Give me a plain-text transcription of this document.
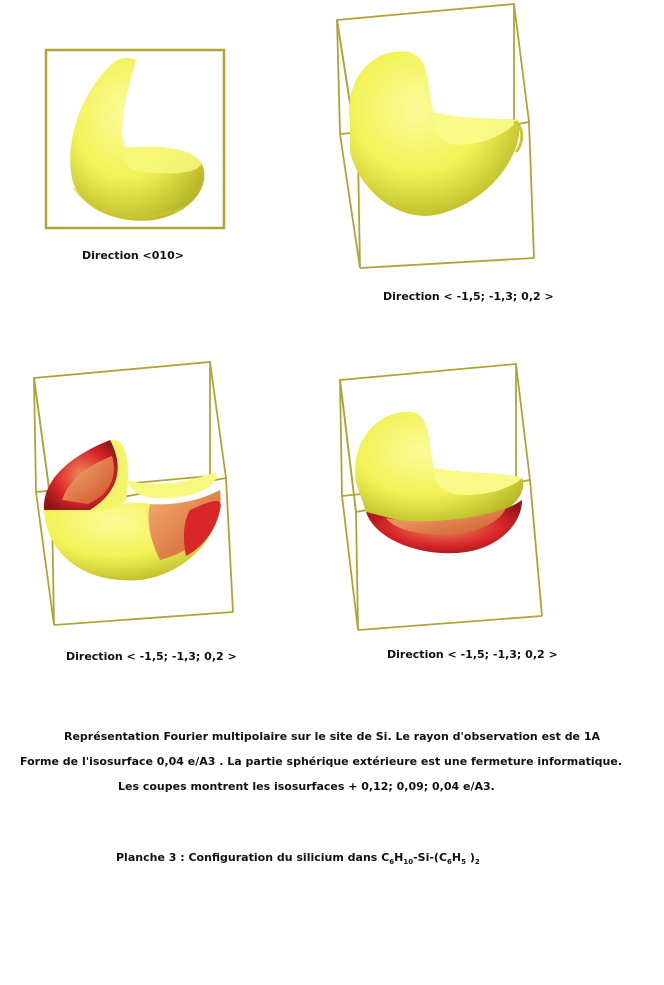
Direction <010>
Direction < -1,5; -1,3; 0,2 >
Direction < -1,5; -1,3; 0,2 >	Direction < -1,5; -1,3; 0,2 >
Représentation Fourier multipolaire sur le site de Si. Le rayon d'observation est de 1A
Forme de l'isosurface 0,04 e/A3 . La partie sphérique extérieure est une fermeture informatique.
Les coupes montrent les isosurfaces + 0,12; 0,09; 0,04 e/A3.
Planche 3 : Configuration du silicium dans $C_6H_{10}-Si-(C_6H_5$ )$_2$
